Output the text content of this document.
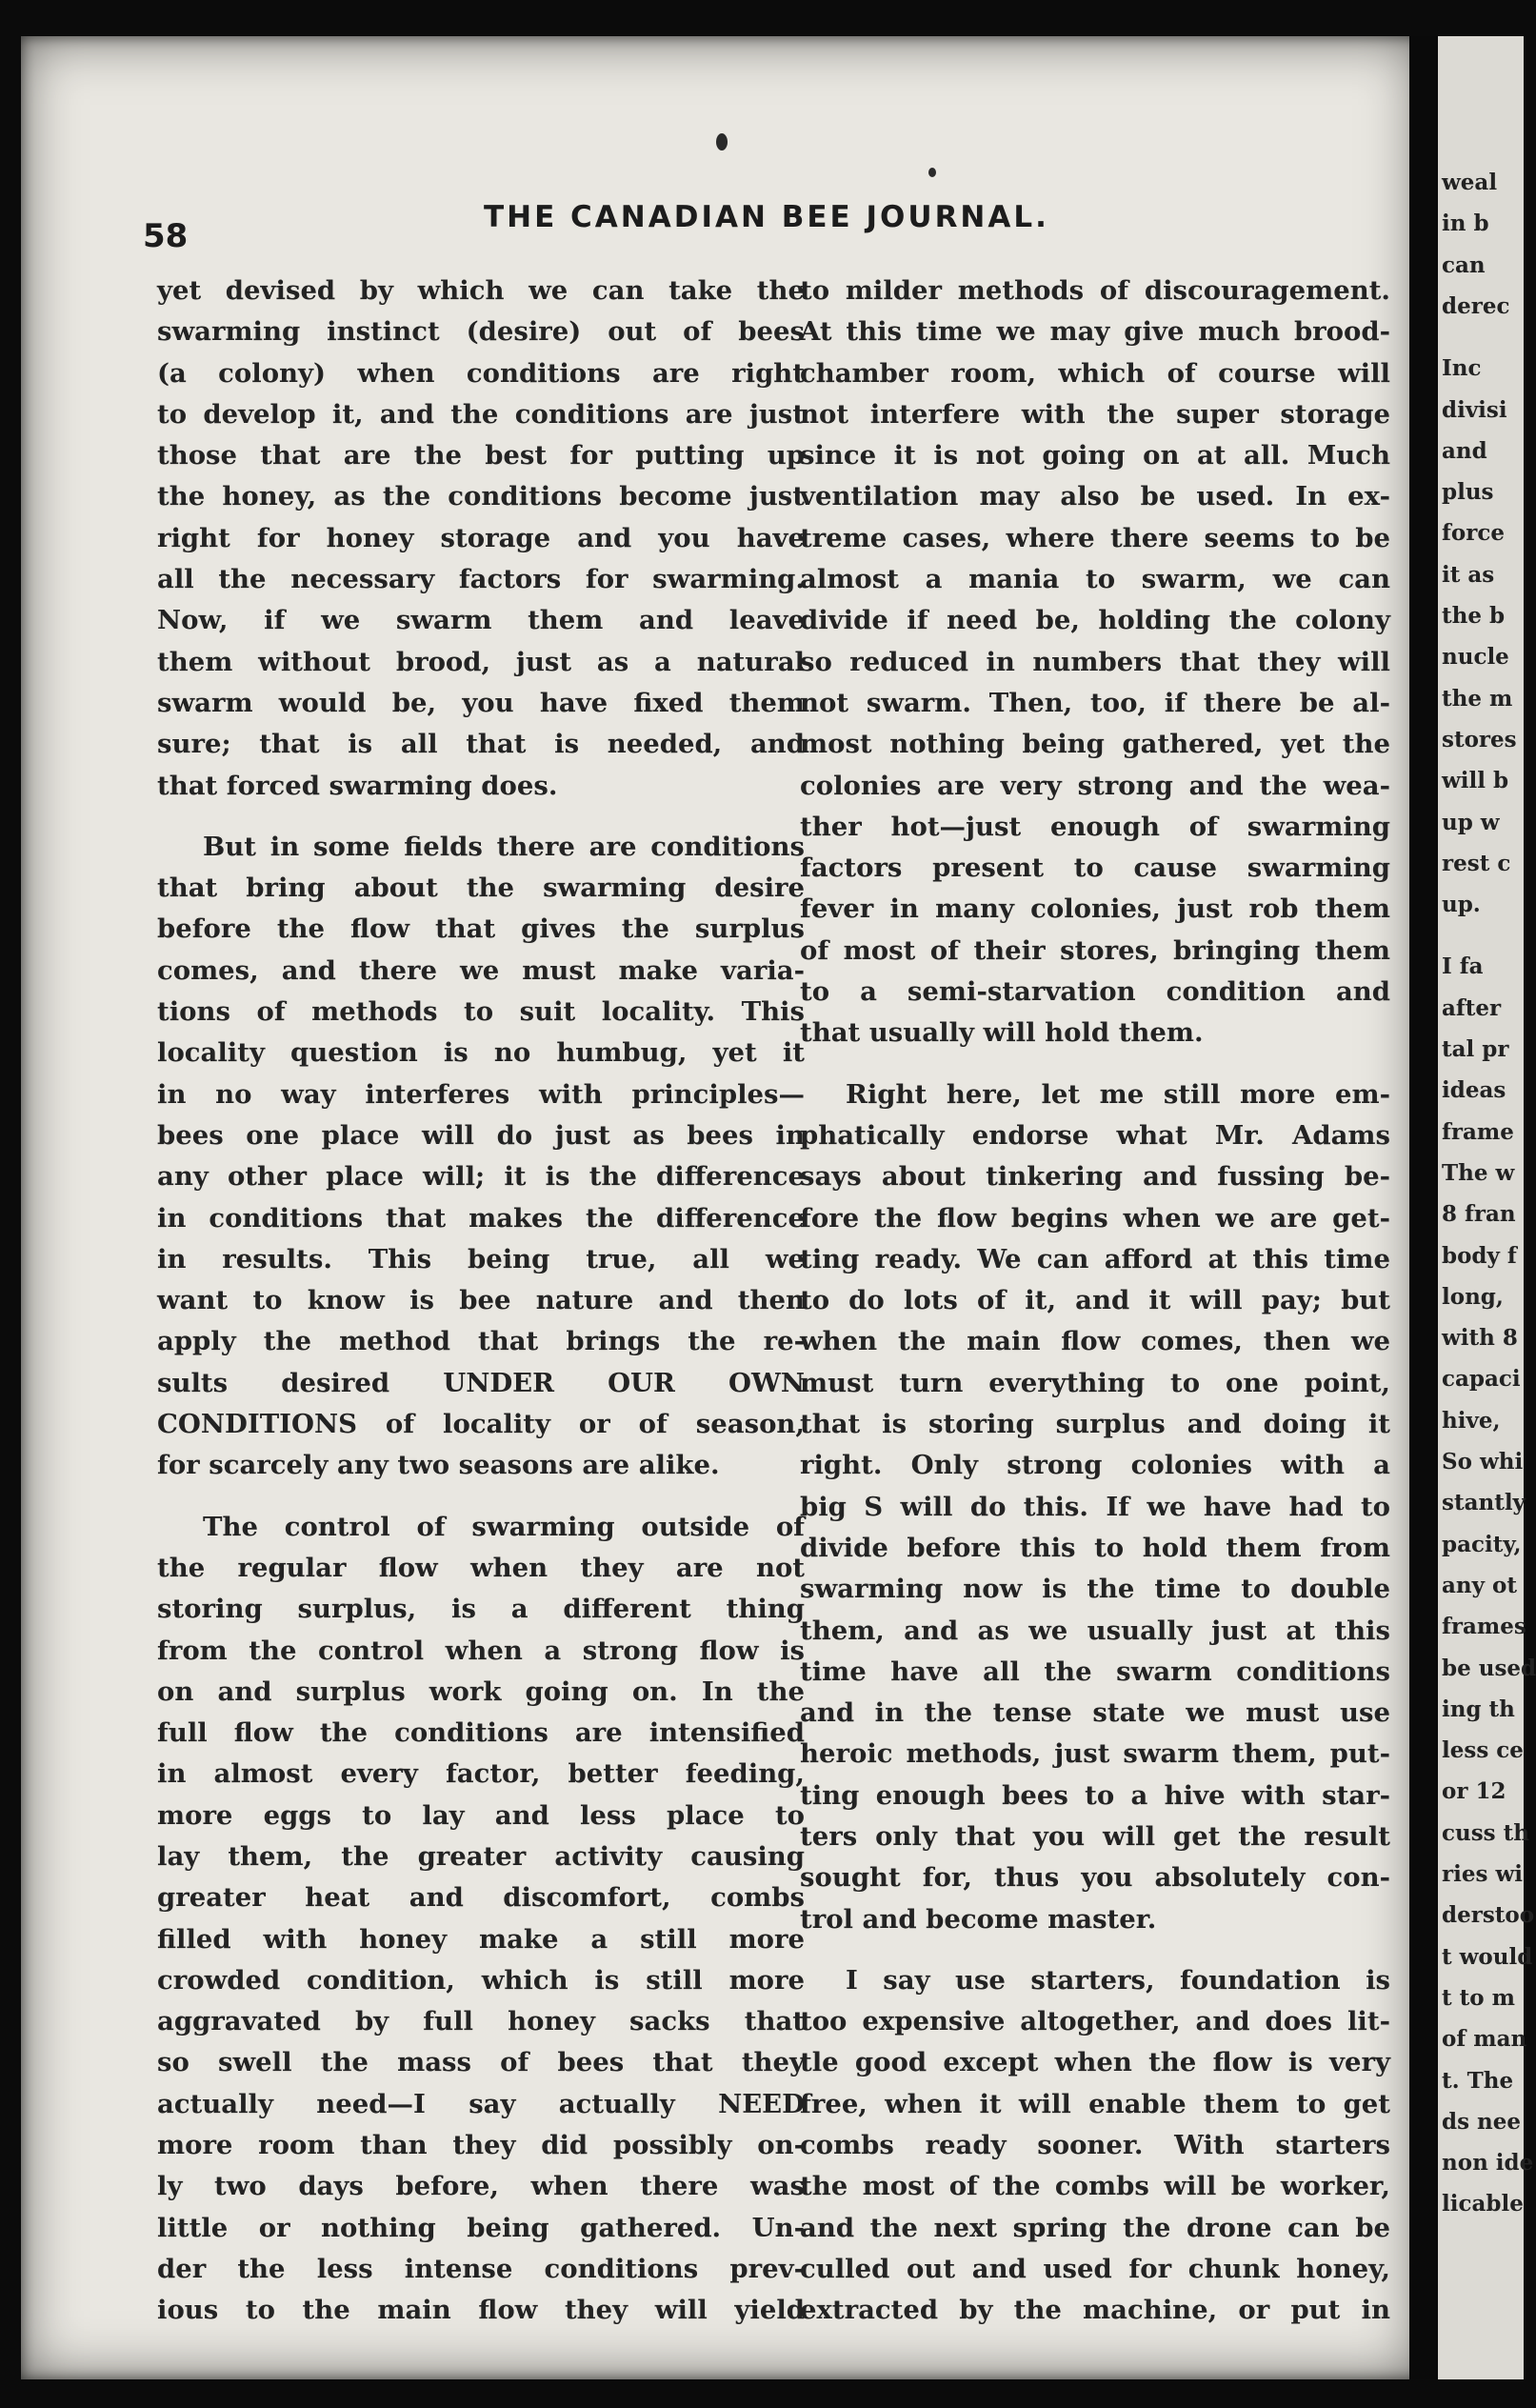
weal
in b
can
derec
Inc
divisi
and
plus
force
it as
the b
nucle
the m
stores
will b
up w
rest c
up.
I fa
after
tal pr
ideas
frame
The w
8 fran
body f
long,
with 8
capaci
hive,
So whi
stantly
pacity,
any ot
frames
be used
ing th
less ce
or 12
cuss th
ries wi
derstoo
t would
t to m
of man
t. The
ds nee
non ide
licable
58	THE CANADIAN BEE JOURNAL.
yet devised by which we can take the
swarming instinct (desire) out of bees
(a colony) when conditions are right
to develop it, and the conditions are just
those that are the best for putting up
the honey, as the conditions become just
right for honey storage and you have
all the necessary factors for swarming.
Now, if we swarm them and leave
them without brood, just as a natural
swarm would be, you have fixed them
sure; that is all that is needed, and
that forced swarming does.
But in some fields there are conditions
that bring about the swarming desire
before the flow that gives the surplus
comes, and there we must make varia-
tions of methods to suit locality. This
locality question is no humbug, yet it
in no way interferes with principles—
bees one place will do just as bees in
any other place will; it is the difference
in conditions that makes the difference
in results. This being true, all we
want to know is bee nature and then
apply the method that brings the re-
sults desired UNDER OUR OWN
CONDITIONS of locality or of season,
for scarcely any two seasons are alike.
The control of swarming outside of
the regular flow when they are not
storing surplus, is a different thing
from the control when a strong flow is
on and surplus work going on. In the
full flow the conditions are intensified
in almost every factor, better feeding,
more eggs to lay and less place to
lay them, the greater activity causing
greater heat and discomfort, combs
filled with honey make a still more
crowded condition, which is still more
aggravated by full honey sacks that
so swell the mass of bees that they
actually need—I say actually NEED
more room than they did possibly on-
ly two days before, when there was
little or nothing being gathered. Un-
der the less intense conditions prev-
ious to the main flow they will yield
to milder methods of discouragement.
At this time we may give much brood-
chamber room, which of course will
not interfere with the super storage
since it is not going on at all. Much
ventilation may also be used. In ex-
treme cases, where there seems to be
almost a mania to swarm, we can
divide if need be, holding the colony
so reduced in numbers that they will
not swarm. Then, too, if there be al-
most nothing being gathered, yet the
colonies are very strong and the wea-
ther hot—just enough of swarming
factors present to cause swarming
fever in many colonies, just rob them
of most of their stores, bringing them
to a semi-starvation condition and
that usually will hold them.
Right here, let me still more em-
phatically endorse what Mr. Adams
says about tinkering and fussing be-
fore the flow begins when we are get-
ting ready. We can afford at this time
to do lots of it, and it will pay; but
when the main flow comes, then we
must turn everything to one point,
that is storing surplus and doing it
right. Only strong colonies with a
big S will do this. If we have had to
divide before this to hold them from
swarming now is the time to double
them, and as we usually just at this
time have all the swarm conditions
and in the tense state we must use
heroic methods, just swarm them, put-
ting enough bees to a hive with star-
ters only that you will get the result
sought for, thus you absolutely con-
trol and become master.
I say use starters, foundation is
too expensive altogether, and does lit-
tle good except when the flow is very
free, when it will enable them to get
combs ready sooner. With starters
the most of the combs will be worker,
and the next spring the drone can be
culled out and used for chunk honey,
extracted by the machine, or put in
